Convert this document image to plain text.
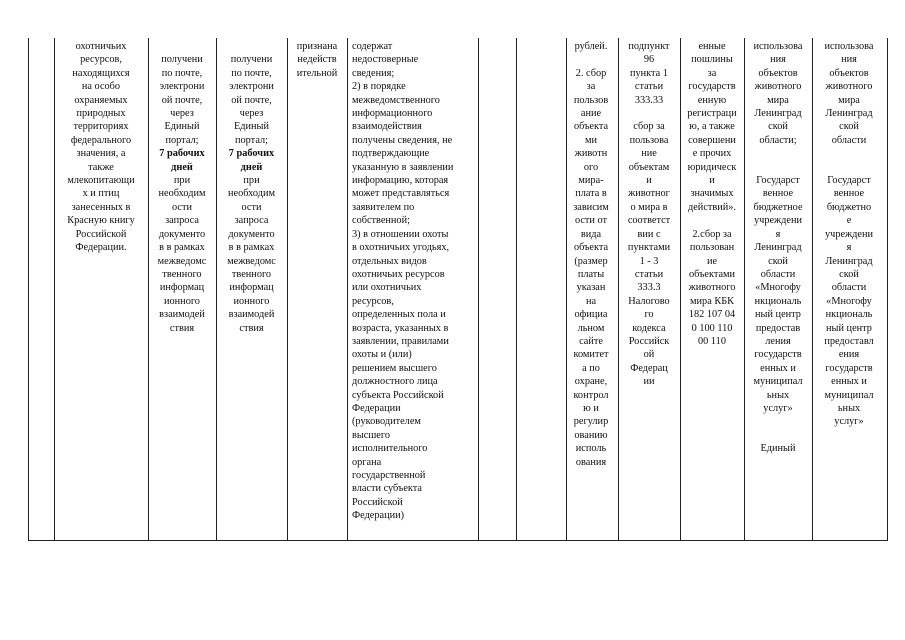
охотничьих
ресурсов,
находящихся
на особо
охраняемых
природных
территориях
федерального
значения, а
также
млекопитающи
х и птиц
занесенных в
Красную книгу
Российской
Федерации.

получени
по почте,
электрони
ой почте,
через
Единый
портал;
7 рабочих
дней
при
необходим
ости
запроса
документо
в в рамках
межведомс
твенного
информац
ионного
взаимодей
ствия

получени
по почте,
электрони
ой почте,
через
Единый
портал;
7 рабочих
дней
при
необходим
ости
запроса
документо
в в рамках
межведомс
твенного
информац
ионного
взаимодей
ствия

признана
недейств
ительной
содержат
недостоверные
сведения;
2) в порядке
межведомственного
информационного
взаимодействия
получены сведения, не
подтверждающие
указанную в заявлении
информацию, которая
может представляться
заявителем по
собственной;
3) в отношении охоты
в охотничьих угодьях,
отдельных видов
охотничьих ресурсов
или охотничьих
ресурсов,
определенных пола и
возраста, указанных в
заявлении, правилами
охоты и (или)
решением высшего
должностного лица
субъекта Российской
Федерации
(руководителем
высшего
исполнительного
органа
государственной
власти субъекта
Российской
Федерации)
рублей.

2. сбор
за
пользов
ание
объекта
ми
животн
ого
мира-
плата в
зависим
ости от
вида
объекта
(размер
платы
указан
на
официа
льном
сайте
комитет
а по
охране,
контрол
ю и
регулир
ованию
исполь
ования
подпункт
96
пункта 1
статьи
333.33

сбор за
пользова
ние
объектам
и
животног
о мира в
соответст
вии с
пунктами
1 - 3
статьи
333.3
Налогово
го
кодекса
Российск
ой
Федерац
ии
енные
пошлины
за
государств
енную
регистраци
ю, а также
совершени
е прочих
юридическ
и
значимых
действий».

2.сбор за
пользован
ие
объектами
животного
мира КБК
182 107 04
0 100 110
00 110
использова
ния
объектов
животного
мира
Ленинград
ской
области;

Государст
венное
бюджетное
учреждени
я
Ленинград
ской
области
«Многофу
нкциональ
ный центр
предостав
ления
государств
енных и
муниципал
ьных
услуг»

Единый
использова
ния
объектов
животного
мира
Ленинград
ской
области

Государст
венное
бюджетно
е
учреждени
я
Ленинград
ской
области
«Многофу
нкциональ
ный центр
предоставл
ения
государств
енных и
муниципал
ьных
услуг»
